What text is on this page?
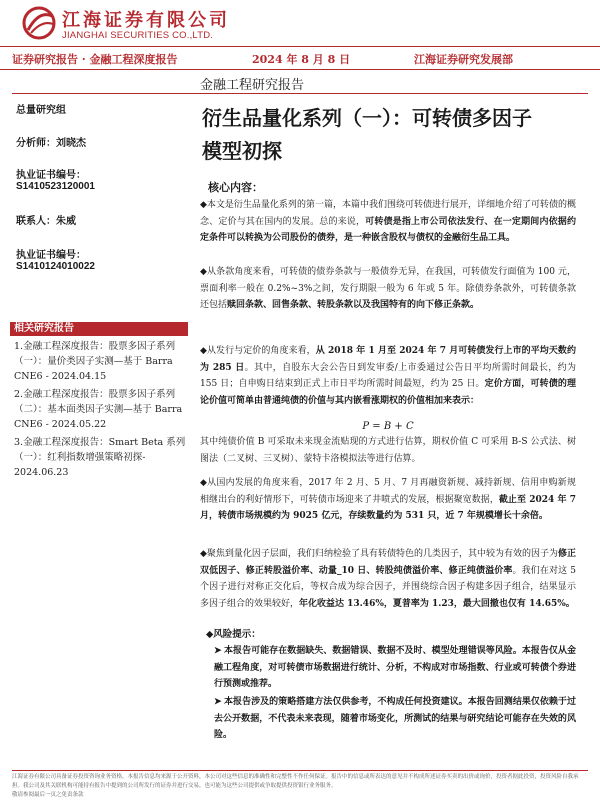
江海证券有限公司
JIANGHAI SECURITIES CO.,LTD.
证券研究报告 · 金融工程深度报告	2024 年 8 月 8 日	江海证券研究发展部
金融工程研究报告
衍生品量化系列（一）：可转债多因子
模型初探
总量研究组
分析师：刘晓杰
执业证书编号：
S1410523120001
联系人：朱威
执业证书编号：
S1410124010022
相关研究报告
1.金融工程深度报告：股票多因子系列（一）：量价类因子实测—基于 Barra CNE6 - 2024.04.15
2.金融工程深度报告：股票多因子系列（二）：基本面类因子实测—基于 Barra CNE6 - 2024.05.22
3.金融工程深度报告：Smart Beta 系列（一）：红利指数增强策略初探- 2024.06.23
核心内容：
◆本文是衍生品量化系列的第一篇，本篇中我们围绕可转债进行展开，详细地介绍了可转债的概念、定价与其在国内的发展。总的来说，可转债是指上市公司依法发行、在一定期间内依据约定条件可以转换为公司股份的债券，是一种嵌含股权与债权的金融衍生品工具。
◆从条款角度来看，可转债的债券条款与一般债券无异，在我国，可转债发行面值为 100 元，票面利率一般在 0.2%~3%之间，发行期限一般为 6 年或 5 年。除债券条款外，可转债条款还包括赎回条款、回售条款、转股条款以及我国特有的向下修正条款。
◆从发行与定价的角度来看，从 2018 年 1 月至 2024 年 7 月可转债发行上市的平均天数约为 285 日。其中，自股东大会公告日到发审委/上市委通过公告日平均所需时间最长，约为 155 日；自申购日结束到正式上市日平均所需时间最短，约为 25 日。定价方面，可转债的理论价值可简单由普通纯债的价值与其内嵌看涨期权的价值相加来表示：
P = B + C
其中纯债价值 B 可采取未来现金流贴现的方式进行估算，期权价值 C 可采用 B-S 公式法、树图法（二叉树、三叉树）、蒙特卡洛模拟法等进行估算。
◆从国内发展的角度来看，2017 年 2 月、5 月、7 月再融资新规、减持新规、信用申购新规相继出台的利好情形下，可转债市场迎来了井喷式的发展，根据聚宽数据，截止至 2024 年 7 月，转债市场规模约为 9025 亿元，存续数量约为 531 只，近 7 年规模增长十余倍。
◆聚焦到量化因子层面，我们归纳检验了具有转债特色的几类因子，其中较为有效的因子为修正双低因子、修正转股溢价率、动量_10 日、转股纯债溢价率、修正纯债溢价率。我们在对这 5 个因子进行对称正交化后，等权合成为综合因子，并围绕综合因子构建多因子组合，结果显示多因子组合的效果较好，年化收益达 13.46%，夏普率为 1.23，最大回撤也仅有 14.65%。
◆风险提示：
➤ 本报告可能存在数据缺失、数据错误、数据不及时、模型处理错误等风险。本报告仅从金融工程角度，对可转债市场数据进行统计、分析，不构成对市场指数、行业或可转债个券进行预测或推荐。
➤ 本报告涉及的策略搭建方法仅供参考，不构成任何投资建议。本报告回测结果仅依赖于过去公开数据，不代表未来表现，随着市场变化，所测试的结果与研究结论可能存在失效的风险。
江海证券有限公司具备证券投资咨询业务资格，本报告信息均来源于公开资料，本公司对这些信息的准确性和完整性不作任何保证。报告中的信息或所表达的意见并不构成所述证券买卖的出价或询价，投资者据此投资，投资风险自我承担。我公司及其关联机构可能持有报告中提到的公司所发行的证券并进行交易，也可能为这些公司提供或争取提供投资银行业务服务。
敬请参阅最后一页之免责条款
